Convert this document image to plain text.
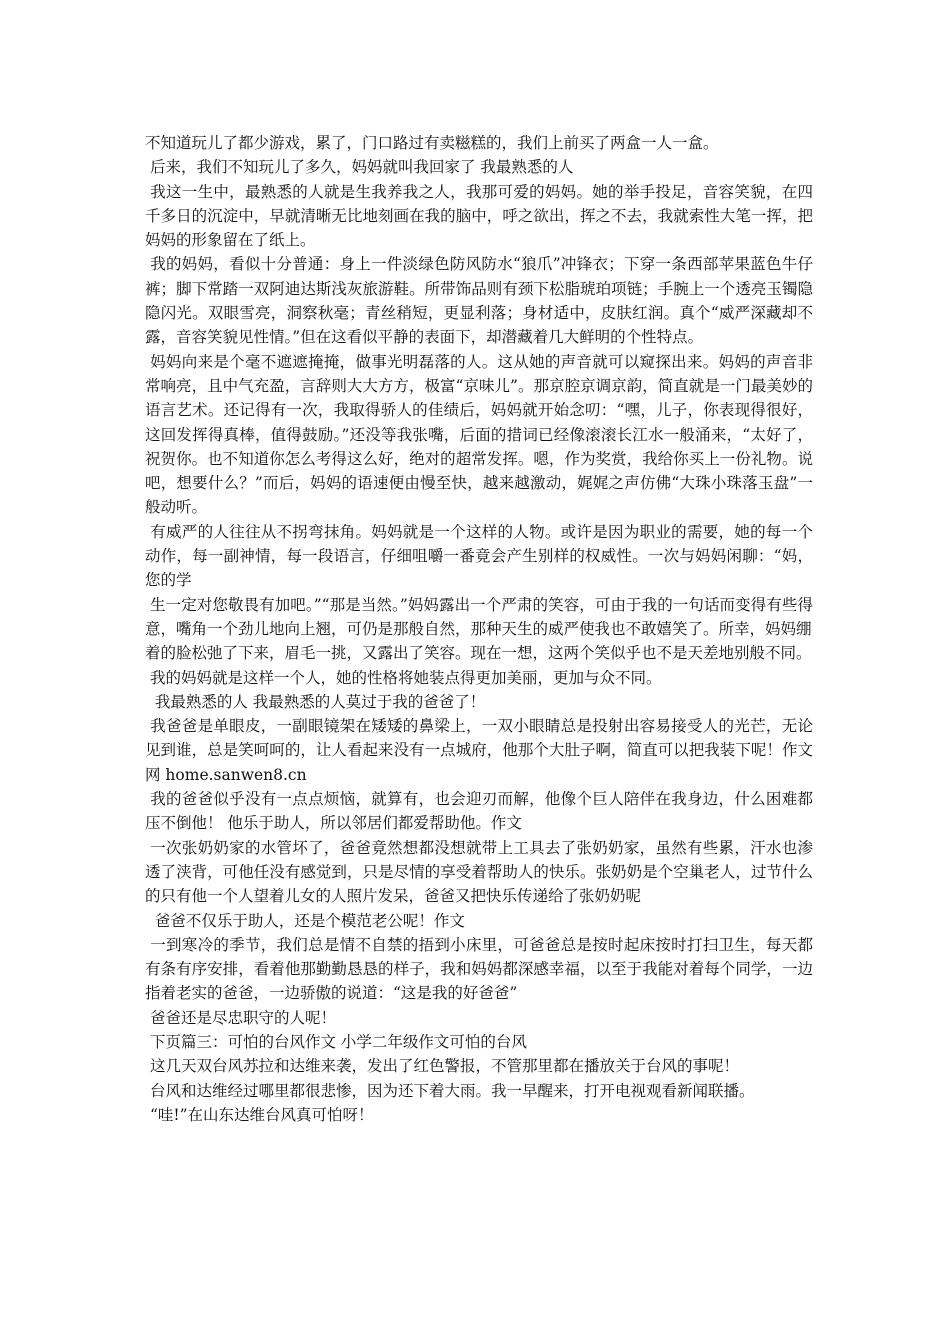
不知道玩儿了都少游戏，累了，门口路过有卖糍糕的，我们上前买了两盒一人一盒。

后来，我们不知玩儿了多久，妈妈就叫我回家了 我最熟悉的人

我这一生中，最熟悉的人就是生我养我之人，我那可爱的妈妈。她的举手投足，音容笑貌，在四千多日的沉淀中，早就清晰无比地刻画在我的脑中，呼之欲出，挥之不去，我就索性大笔一挥，把妈妈的形象留在了纸上。

我的妈妈，看似十分普通：身上一件淡绿色防风防水“狼爪”冲锋衣；下穿一条西部苹果蓝色牛仔裤；脚下常踏一双阿迪达斯浅灰旅游鞋。所带饰品则有颈下松脂琥珀项链；手腕上一个透亮玉镯隐隐闪光。双眼雪亮，洞察秋毫；青丝稍短，更显利落；身材适中，皮肤红润。真个“威严深藏却不露，音容笑貌见性情。”但在这看似平静的表面下，却潜藏着几大鲜明的个性特点。

妈妈向来是个毫不遮遮掩掩，做事光明磊落的人。这从她的声音就可以窥探出来。妈妈的声音非常响亮，且中气充盈，言辞则大大方方，极富“京味儿”。那京腔京调京韵，简直就是一门最美妙的语言艺术。还记得有一次，我取得骄人的佳绩后，妈妈就开始念叨：“嘿，儿子，你表现得很好，这回发挥得真棒，值得鼓励。”还没等我张嘴，后面的措词已经像滚滚长江水一般涌来，“太好了，祝贺你。也不知道你怎么考得这么好，绝对的超常发挥。嗯，作为奖赏，我给你买上一份礼物。说吧，想要什么？”而后，妈妈的语速便由慢至快，越来越激动，娓娓之声仿佛“大珠小珠落玉盘”一般动听。

有威严的人往往从不拐弯抹角。妈妈就是一个这样的人物。或许是因为职业的需要，她的每一个动作，每一副神情，每一段语言，仔细咀嚼一番竟会产生别样的权威性。一次与妈妈闲聊：“妈，您的学

生一定对您敬畏有加吧。”“那是当然。”妈妈露出一个严肃的笑容，可由于我的一句话而变得有些得意，嘴角一个劲儿地向上翘，可仍是那般自然，那种天生的威严使我也不敢嬉笑了。所幸，妈妈绷

着的脸松弛了下来，眉毛一挑，又露出了笑容。现在一想，这两个笑似乎也不是天差地别般不同。

我的妈妈就是这样一个人，她的性格将她装点得更加美丽，更加与众不同。

我最熟悉的人 我最熟悉的人莫过于我的爸爸了！

我爸爸是单眼皮，一副眼镜架在矮矮的鼻梁上，一双小眼睛总是投射出容易接受人的光芒，无论见到谁，总是笑呵呵的，让人看起来没有一点城府，他那个大肚子啊，简直可以把我装下呢！作文网 home.sanwen8.cn

我的爸爸似乎没有一点点烦恼，就算有，也会迎刃而解，他像个巨人陪伴在我身边，什么困难都压不倒他！ 他乐于助人，所以邻居们都爱帮助他。作文

一次张奶奶家的水管坏了，爸爸竟然想都没想就带上工具去了张奶奶家，虽然有些累，汗水也渗透了浃背，可他任没有感觉到，只是尽情的享受着帮助人的快乐。张奶奶是个空巢老人，过节什么的只有他一个人望着儿女的人照片发呆，爸爸又把快乐传递给了张奶奶呢

爸爸不仅乐于助人，还是个模范老公呢！作文

一到寒冷的季节，我们总是情不自禁的捂到小床里，可爸爸总是按时起床按时打扫卫生，每天都有条有序安排，看着他那勤勤恳恳的样子，我和妈妈都深感幸福，以至于我能对着每个同学，一边指着老实的爸爸，一边骄傲的说道：“这是我的好爸爸”

爸爸还是尽忠职守的人呢！

下页篇三：可怕的台风作文 小学二年级作文可怕的台风

这几天双台风苏拉和达维来袭，发出了红色警报，不管那里都在播放关于台风的事呢！

台风和达维经过哪里都很悲惨，因为还下着大雨。我一早醒来，打开电视观看新闻联播。

“哇!”在山东达维台风真可怕呀！
